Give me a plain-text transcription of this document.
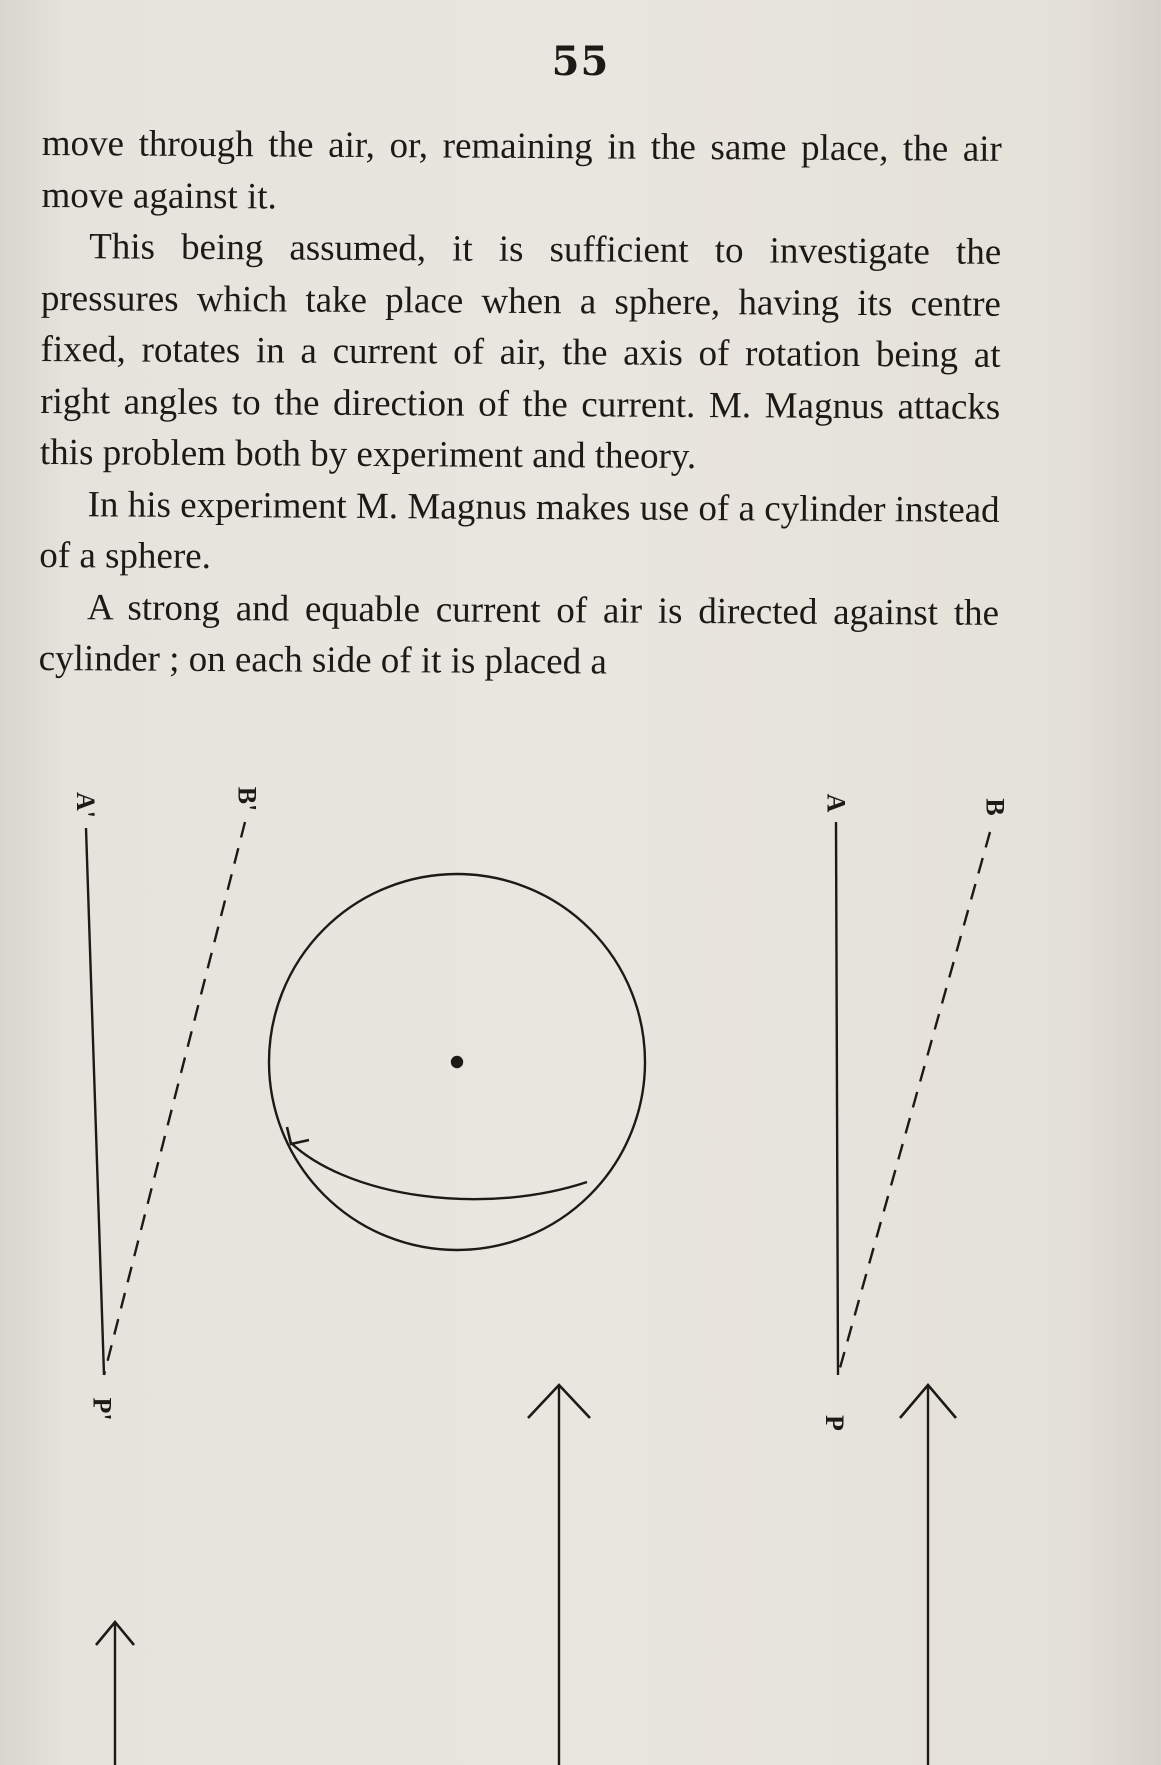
55

move through the air, or, remaining in the same place, the air move against it.

This being assumed, it is sufficient to investigate the pressures which take place when a sphere, having its centre fixed, rotates in a current of air, the axis of rotation being at right angles to the direction of the current. M. Magnus attacks this problem both by experiment and theory.

In his experiment M. Magnus makes use of a cylinder instead of a sphere.

A strong and equable current of air is directed against the cylinder ; on each side of it is placed a

A'	B'
P'
A	B
P
